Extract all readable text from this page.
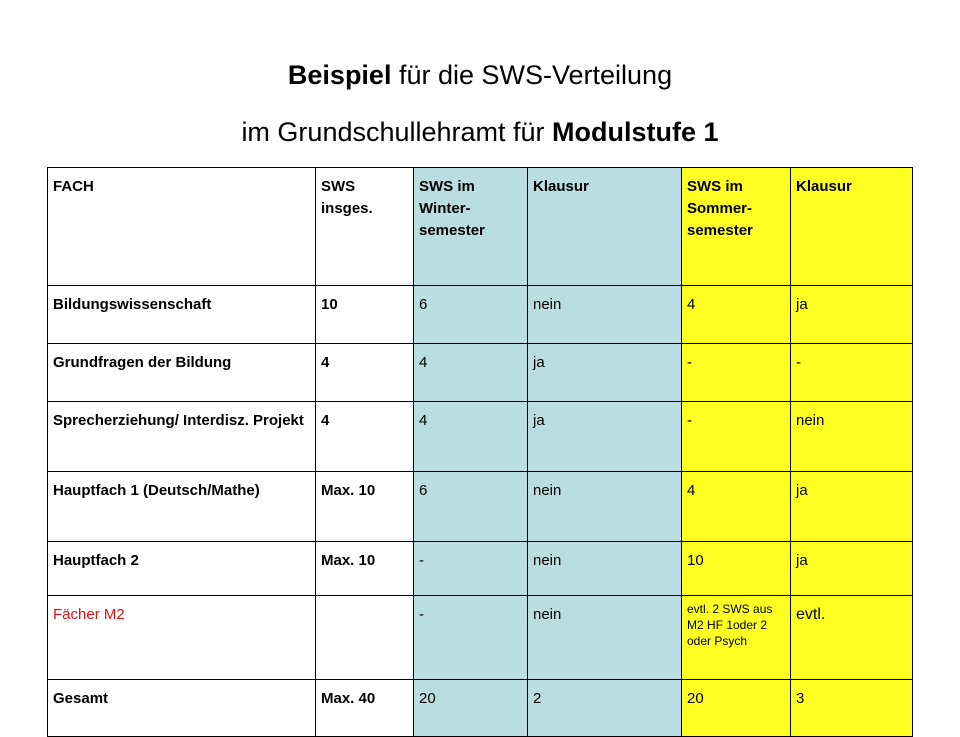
Beispiel für die SWS-Verteilung
im Grundschullehramt für Modulstufe 1
FACH	SWS insges.	SWS im Winter-semester	Klausur	SWS im Sommer-semester	Klausur
Bildungswissenschaft	10	6	nein	4	ja
Grundfragen der Bildung	4	4	ja	-	-
Sprecherziehung/ Interdisz. Projekt	4	4	ja	-	nein
Hauptfach 1 (Deutsch/Mathe)	Max. 10	6	nein	4	ja
Hauptfach 2	Max. 10	-	nein	10	ja
Fächer M2		-	nein	evtl. 2 SWS aus M2 HF 1oder 2 oder Psych	evtl.
Gesamt	Max. 40	20	2	20	3
